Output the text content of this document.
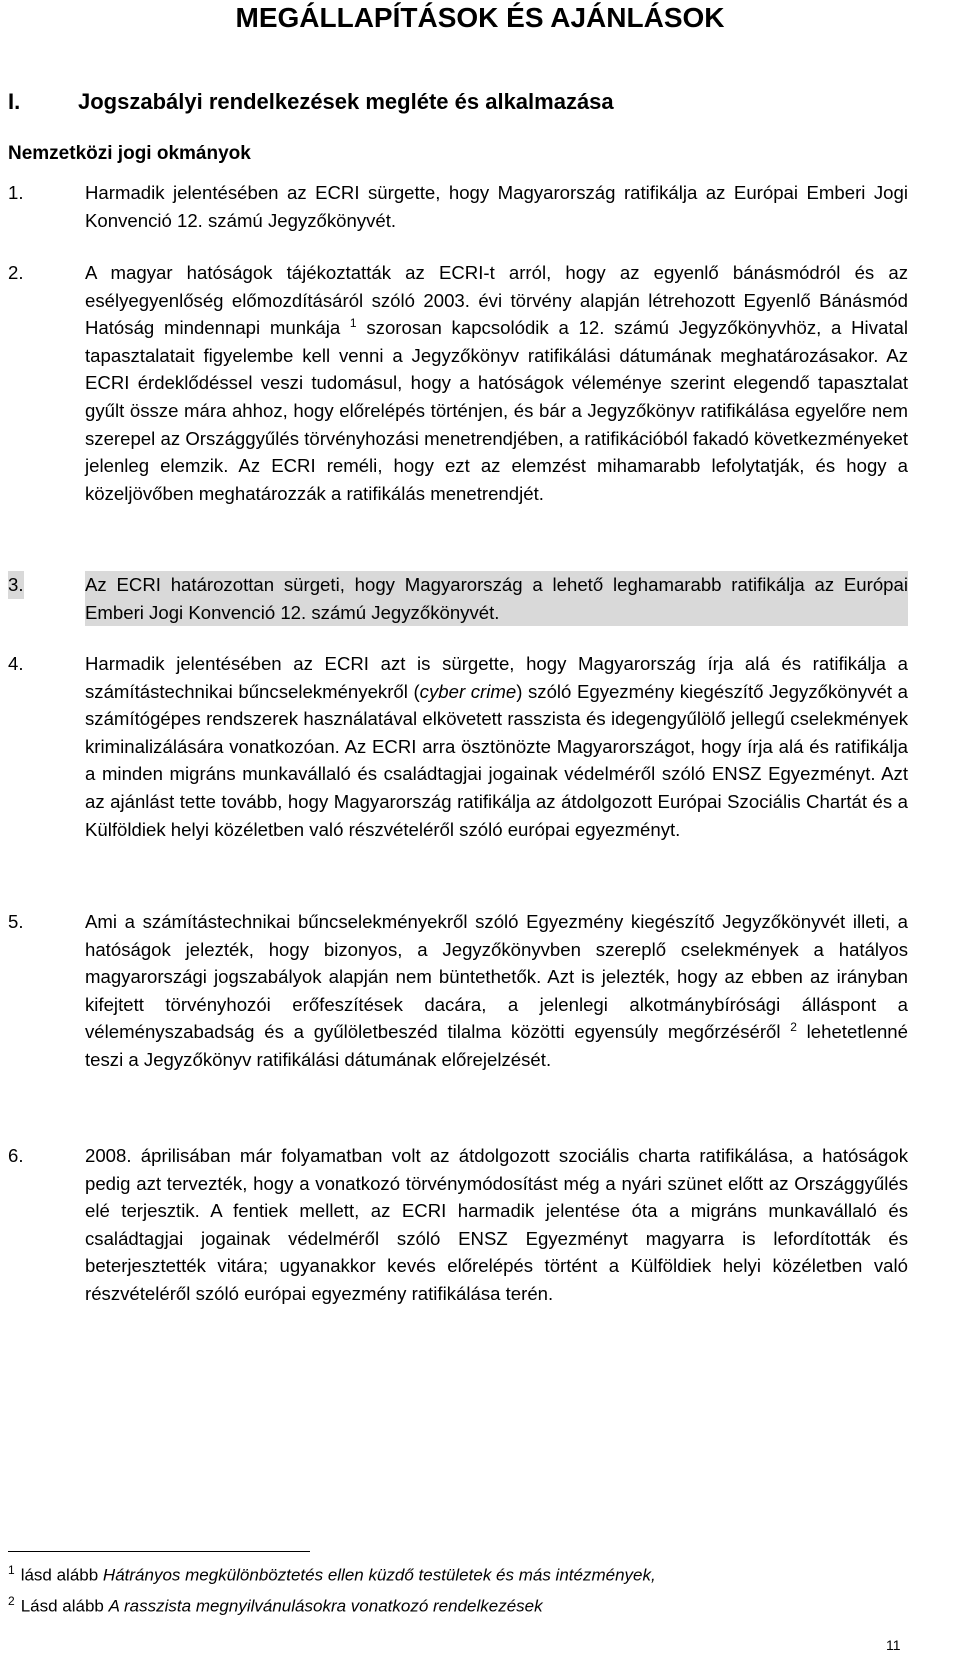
MEGÁLLAPÍTÁSOK ÉS AJÁNLÁSOK
I.	Jogszabályi rendelkezések megléte és alkalmazása
Nemzetközi jogi okmányok
1.	Harmadik jelentésében az ECRI sürgette, hogy Magyarország ratifikálja az Európai Emberi Jogi Konvenció 12. számú Jegyzőkönyvét.
2.	A magyar hatóságok tájékoztatták az ECRI-t arról, hogy az egyenlő bánásmódról és az esélyegyenlőség előmozdításáról szóló 2003. évi törvény alapján létrehozott Egyenlő Bánásmód Hatóság mindennapi munkája $^1$ szorosan kapcsolódik a 12. számú Jegyzőkönyvhöz, a Hivatal tapasztalatait figyelembe kell venni a Jegyzőkönyv ratifikálási dátumának meghatározásakor. Az ECRI érdeklődéssel veszi tudomásul, hogy a hatóságok véleménye szerint elegendő tapasztalat gyűlt össze mára ahhoz, hogy előrelépés történjen, és bár a Jegyzőkönyv ratifikálása egyelőre nem szerepel az Országgyűlés törvényhozási menetrendjében, a ratifikációból fakadó következményeket jelenleg elemzik. Az ECRI reméli, hogy ezt az elemzést mihamarabb lefolytatják, és hogy a közeljövőben meghatározzák a ratifikálás menetrendjét.
3.	Az ECRI határozottan sürgeti, hogy Magyarország a lehető leghamarabb ratifikálja az Európai Emberi Jogi Konvenció 12. számú Jegyzőkönyvét.
4.	Harmadik jelentésében az ECRI azt is sürgette, hogy Magyarország írja alá és ratifikálja a számítástechnikai bűncselekményekről (cyber crime) szóló Egyezmény kiegészítő Jegyzőkönyvét a számítógépes rendszerek használatával elkövetett rasszista és idegengyűlölő jellegű cselekmények kriminalizálására vonatkozóan. Az ECRI arra ösztönözte Magyarországot, hogy írja alá és ratifikálja a minden migráns munkavállaló és családtagjai jogainak védelméről szóló ENSZ Egyezményt. Azt az ajánlást tette tovább, hogy Magyarország ratifikálja az átdolgozott Európai Szociális Chartát és a Külföldiek helyi közéletben való részvételéről szóló európai egyezményt.
5.	Ami a számítástechnikai bűncselekményekről szóló Egyezmény kiegészítő Jegyzőkönyvét illeti, a hatóságok jelezték, hogy bizonyos, a Jegyzőkönyvben szereplő cselekmények a hatályos magyarországi jogszabályok alapján nem büntethetők. Azt is jelezték, hogy az ebben az irányban kifejtett törvényhozói erőfeszítések dacára, a jelenlegi alkotmánybírósági álláspont a véleményszabadság és a gyűlöletbeszéd tilalma közötti egyensúly megőrzéséről $^2$ lehetetlenné teszi a Jegyzőkönyv ratifikálási dátumának előrejelzését.
6.	2008. áprilisában már folyamatban volt az átdolgozott szociális charta ratifikálása, a hatóságok pedig azt tervezték, hogy a vonatkozó törvénymódosítást még a nyári szünet előtt az Országgyűlés elé terjesztik. A fentiek mellett, az ECRI harmadik jelentése óta a migráns munkavállaló és családtagjai jogainak védelméről szóló ENSZ Egyezményt magyarra is lefordították és beterjesztették vitára; ugyanakkor kevés előrelépés történt a Külföldiek helyi közéletben való részvételéről szóló európai egyezmény ratifikálása terén.
$^1$ lásd alább Hátrányos megkülönböztetés ellen küzdő testületek és más intézmények,
$^2$ Lásd alább A rasszista megnyilvánulásokra vonatkozó rendelkezések
11
